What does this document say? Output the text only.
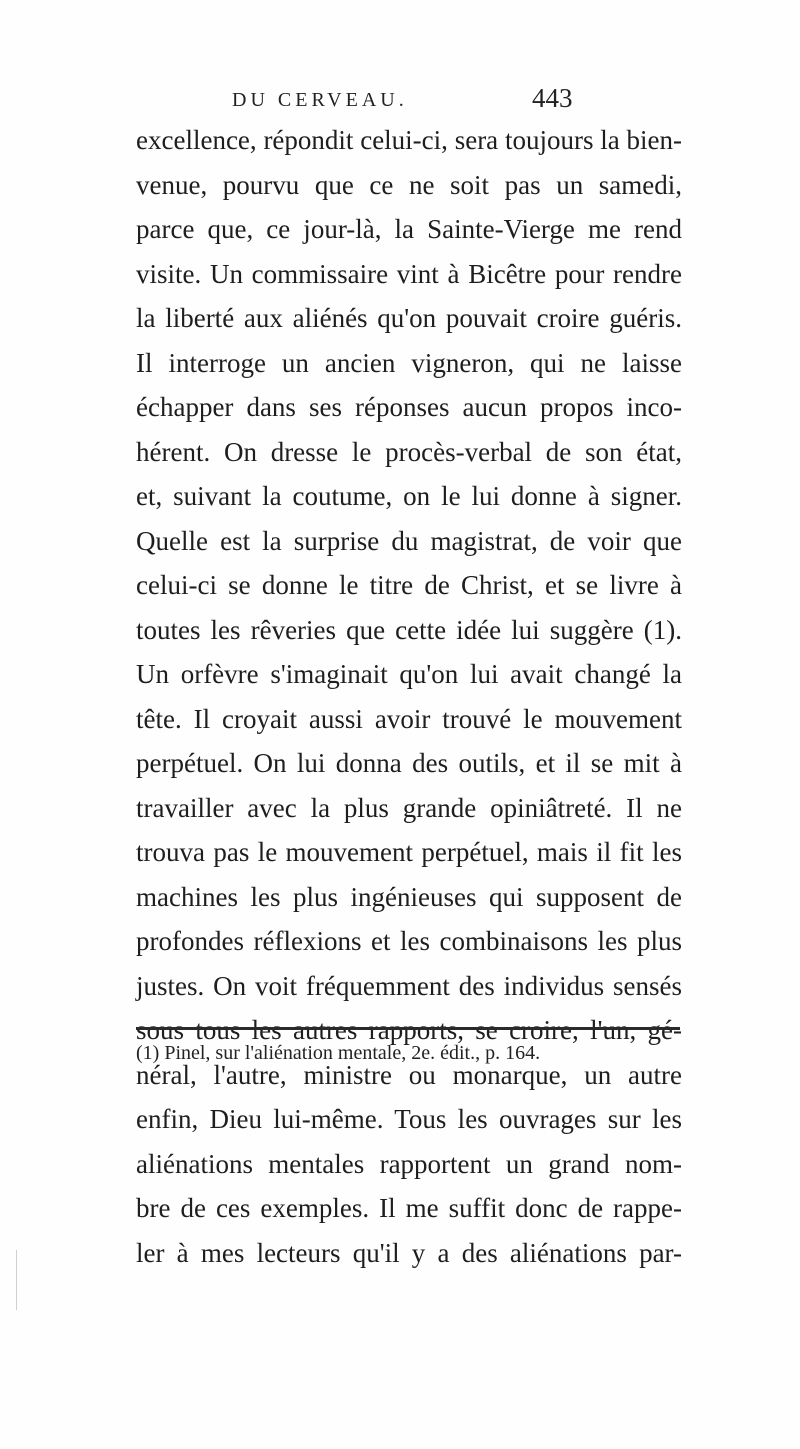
DU CERVEAU.	443
excellence, répondit celui-ci, sera toujours la bien-
venue, pourvu que ce ne soit pas un samedi,
parce que, ce jour-là, la Sainte-Vierge me rend
visite. Un commissaire vint à Bicêtre pour rendre
la liberté aux aliénés qu'on pouvait croire guéris.
Il interroge un ancien vigneron, qui ne laisse
échapper dans ses réponses aucun propos inco-
hérent. On dresse le procès-verbal de son état,
et, suivant la coutume, on le lui donne à signer.
Quelle est la surprise du magistrat, de voir que
celui-ci se donne le titre de Christ, et se livre à
toutes les rêveries que cette idée lui suggère (1).
Un orfèvre s'imaginait qu'on lui avait changé la
tête. Il croyait aussi avoir trouvé le mouvement
perpétuel. On lui donna des outils, et il se mit à
travailler avec la plus grande opiniâtreté. Il ne
trouva pas le mouvement perpétuel, mais il fit les
machines les plus ingénieuses qui supposent de
profondes réflexions et les combinaisons les plus
justes. On voit fréquemment des individus sensés
sous tous les autres rapports, se croire, l'un, gé-
néral, l'autre, ministre ou monarque, un autre
enfin, Dieu lui-même. Tous les ouvrages sur les
aliénations mentales rapportent un grand nom-
bre de ces exemples. Il me suffit donc de rappe-
ler à mes lecteurs qu'il y a des aliénations par-
(1) Pinel, sur l'aliénation mentale, 2e. édit., p. 164.
